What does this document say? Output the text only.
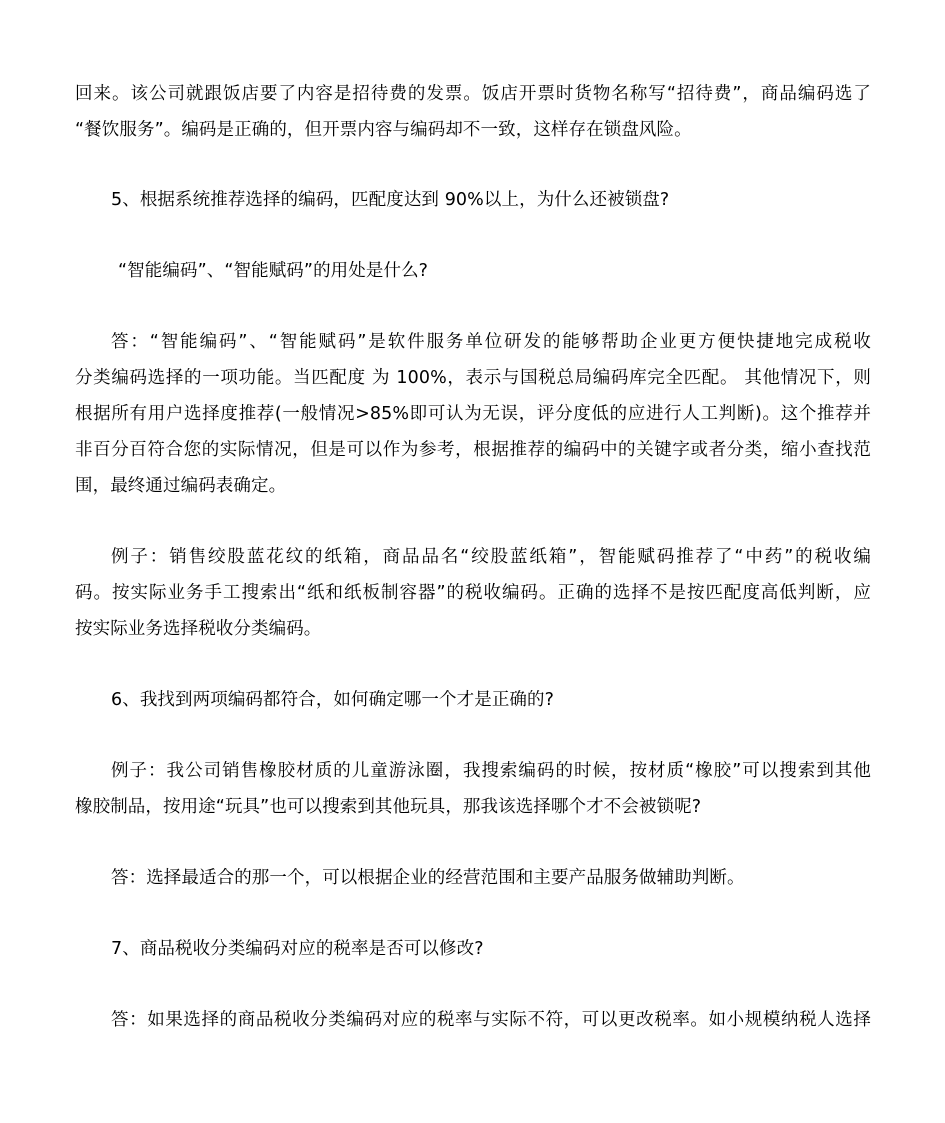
回来。该公司就跟饭店要了内容是招待费的发票。饭店开票时货物名称写“招待费”，商品编码选了
“餐饮服务”。编码是正确的，但开票内容与编码却不一致，这样存在锁盘风险。
5、根据系统推荐选择的编码，匹配度达到 90%以上，为什么还被锁盘?
“智能编码”、“智能赋码”的用处是什么?
答：“智能编码”、“智能赋码”是软件服务单位研发的能够帮助企业更方便快捷地完成税收
分类编码选择的一项功能。当匹配度 为 100%，表示与国税总局编码库完全匹配。 其他情况下，则
根据所有用户选择度推荐(一般情况>85%即可认为无误，评分度低的应进行人工判断)。这个推荐并
非百分百符合您的实际情况，但是可以作为参考，根据推荐的编码中的关键字或者分类，缩小查找范
围，最终通过编码表确定。
例子：销售绞股蓝花纹的纸箱，商品品名“绞股蓝纸箱”，智能赋码推荐了“中药”的税收编
码。按实际业务手工搜索出“纸和纸板制容器”的税收编码。正确的选择不是按匹配度高低判断，应
按实际业务选择税收分类编码。
6、我找到两项编码都符合，如何确定哪一个才是正确的?
例子：我公司销售橡胶材质的儿童游泳圈，我搜索编码的时候，按材质“橡胶”可以搜索到其他
橡胶制品，按用途“玩具”也可以搜索到其他玩具，那我该选择哪个才不会被锁呢?
答：选择最适合的那一个，可以根据企业的经营范围和主要产品服务做辅助判断。
7、商品税收分类编码对应的税率是否可以修改?
答：如果选择的商品税收分类编码对应的税率与实际不符，可以更改税率。如小规模纳税人选择
